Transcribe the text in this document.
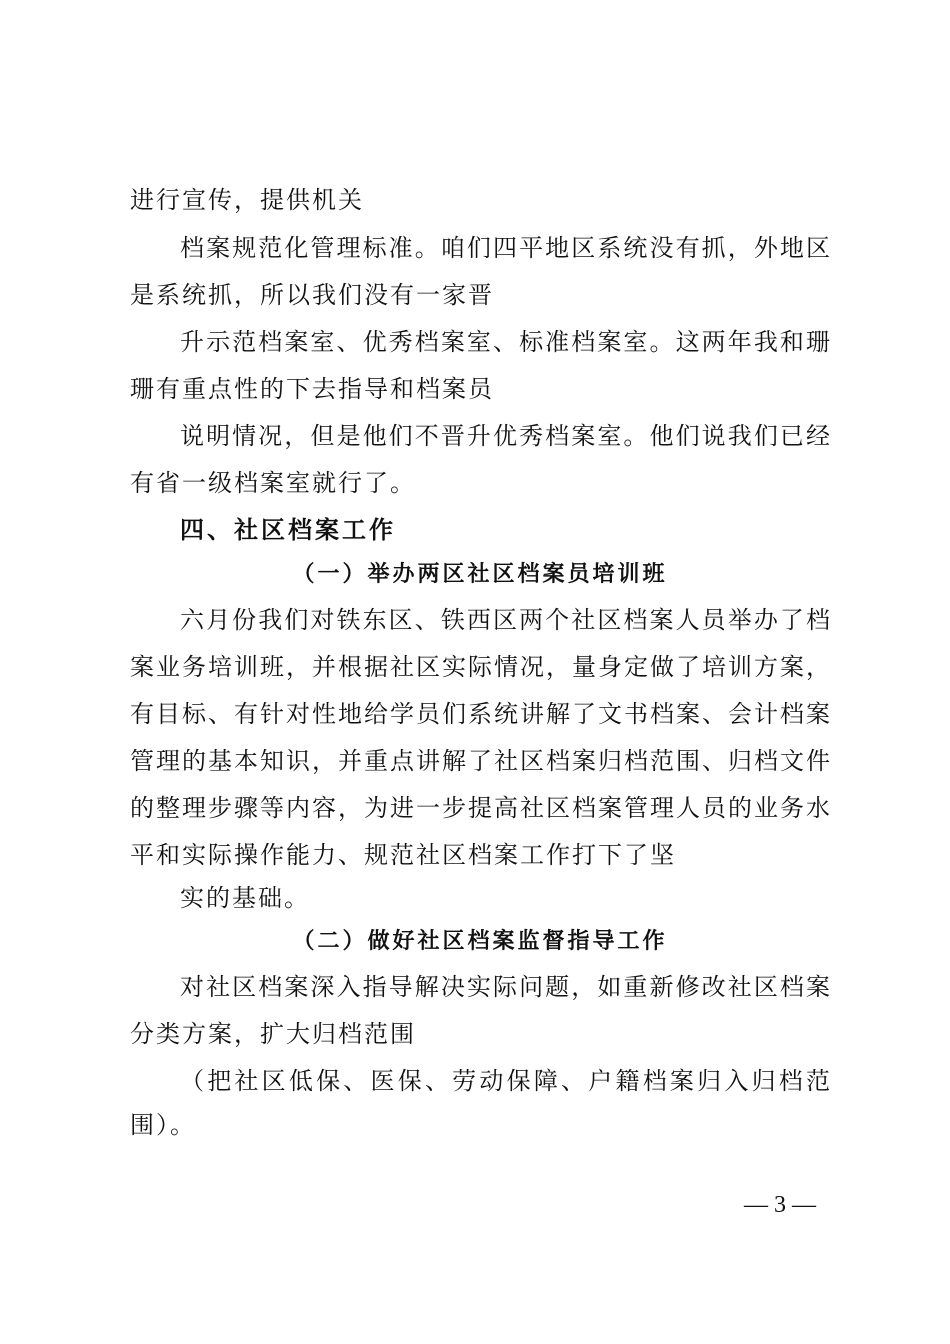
进行宣传，提供机关
档案规范化管理标准。咱们四平地区系统没有抓，外地区
是系统抓，所以我们没有一家晋
升示范档案室、优秀档案室、标准档案室。这两年我和珊
珊有重点性的下去指导和档案员
说明情况，但是他们不晋升优秀档案室。他们说我们已经
有省一级档案室就行了。
四、社区档案工作
（一）举办两区社区档案员培训班
六月份我们对铁东区、铁西区两个社区档案人员举办了档
案业务培训班，并根据社区实际情况，量身定做了培训方案，
有目标、有针对性地给学员们系统讲解了文书档案、会计档案
管理的基本知识，并重点讲解了社区档案归档范围、归档文件
的整理步骤等内容，为进一步提高社区档案管理人员的业务水
平和实际操作能力、规范社区档案工作打下了坚
实的基础。
（二）做好社区档案监督指导工作
对社区档案深入指导解决实际问题，如重新修改社区档案
分类方案，扩大归档范围
（把社区低保、医保、劳动保障、户籍档案归入归档范
围）。
— 3 —
